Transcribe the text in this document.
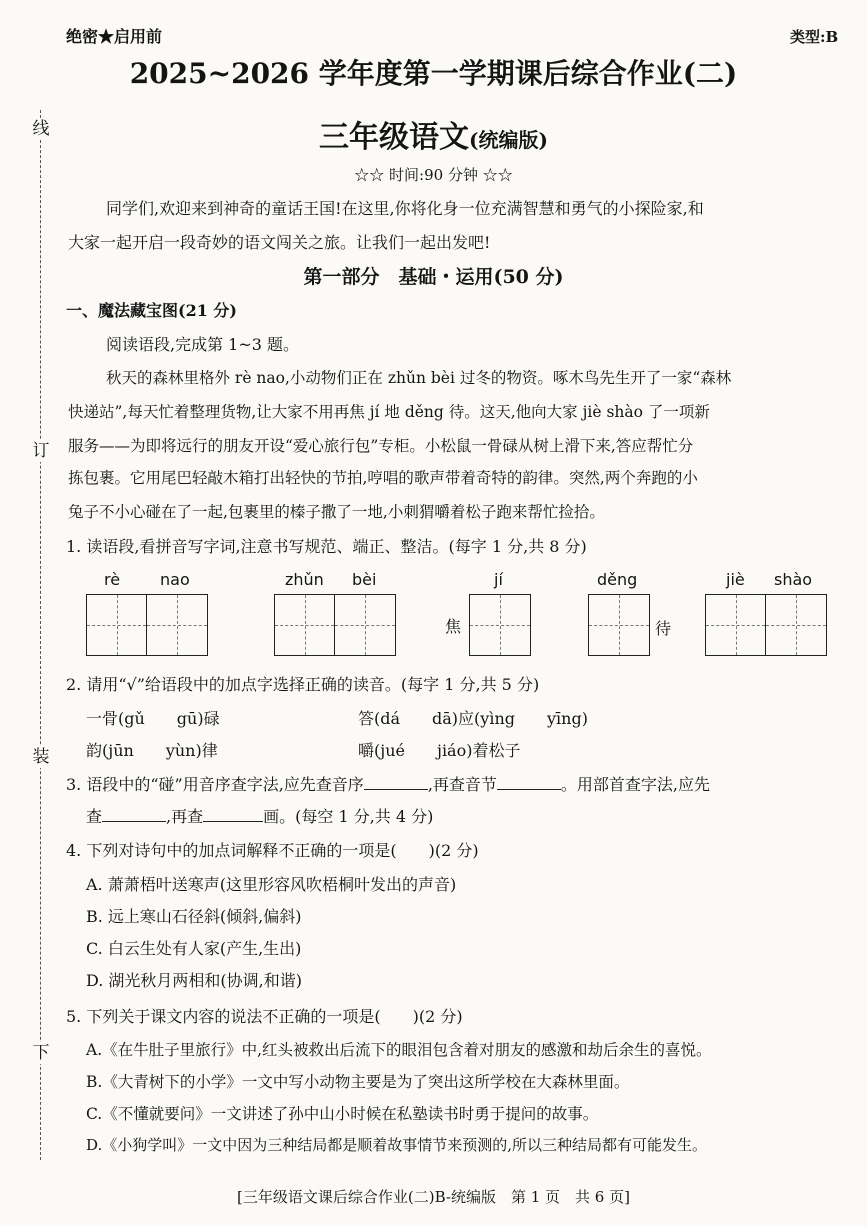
线
订
装
下
绝密★启用前	类型:B
2025~2026 学年度第一学期课后综合作业(二)
三年级语文(统编版)
☆☆ 时间:90 分钟 ☆☆
同学们,欢迎来到神奇的童话王国!在这里,你将化身一位充满智慧和勇气的小探险家,和
大家一起开启一段奇妙的语文闯关之旅。让我们一起出发吧!
第一部分　基础・运用(50 分)
一、魔法藏宝图(21 分)
阅读语段,完成第 1~3 题。
秋天的森林里格外 rè nao,小动物们正在 zhǔn bèi 过冬的物资。啄木鸟先生开了一家“森林
快递站”,每天忙着整理货物,让大家不用再焦 jí 地 děng 待。这天,他向大家 jiè shào 了一项新
服务——为即将远行的朋友开设“爱心旅行包”专柜。小松鼠一骨碌从树上滑下来,答应帮忙分
拣包裹。它用尾巴轻敲木箱打出轻快的节拍,哼唱的歌声带着奇特的韵律。突然,两个奔跑的小
兔子不小心碰在了一起,包裹里的榛子撒了一地,小刺猬嚼着松子跑来帮忙捡拾。
1. 读语段,看拼音写字词,注意书写规范、端正、整洁。(每字 1 分,共 8 分)
rè nao	zhǔn bèi	jí	děng	jiè shào
焦	待
2. 请用“√”给语段中的加点字选择正确的读音。(每字 1 分,共 5 分)
一骨(gǔ　　gū)碌	答(dá　　dā)应(yìng　　yīng)
韵(jūn　　yùn)律	嚼(jué　　jiáo)着松子
3. 语段中的“碰”用音序查字法,应先查音序	,再查音节	。用部首查字法,应先
查	,再查	画。(每空 1 分,共 4 分)
4. 下列对诗句中的加点词解释不正确的一项是(　　)(2 分)
A. 萧萧梧叶送寒声(这里形容风吹梧桐叶发出的声音)
B. 远上寒山石径斜(倾斜,偏斜)
C. 白云生处有人家(产生,生出)
D. 湖光秋月两相和(协调,和谐)
5. 下列关于课文内容的说法不正确的一项是(　　)(2 分)
A.《在牛肚子里旅行》中,红头被救出后流下的眼泪包含着对朋友的感激和劫后余生的喜悦。
B.《大青树下的小学》一文中写小动物主要是为了突出这所学校在大森林里面。
C.《不懂就要问》一文讲述了孙中山小时候在私塾读书时勇于提问的故事。
D.《小狗学叫》一文中因为三种结局都是顺着故事情节来预测的,所以三种结局都有可能发生。
[三年级语文课后综合作业(二)B-统编版　第 1 页　共 6 页]
